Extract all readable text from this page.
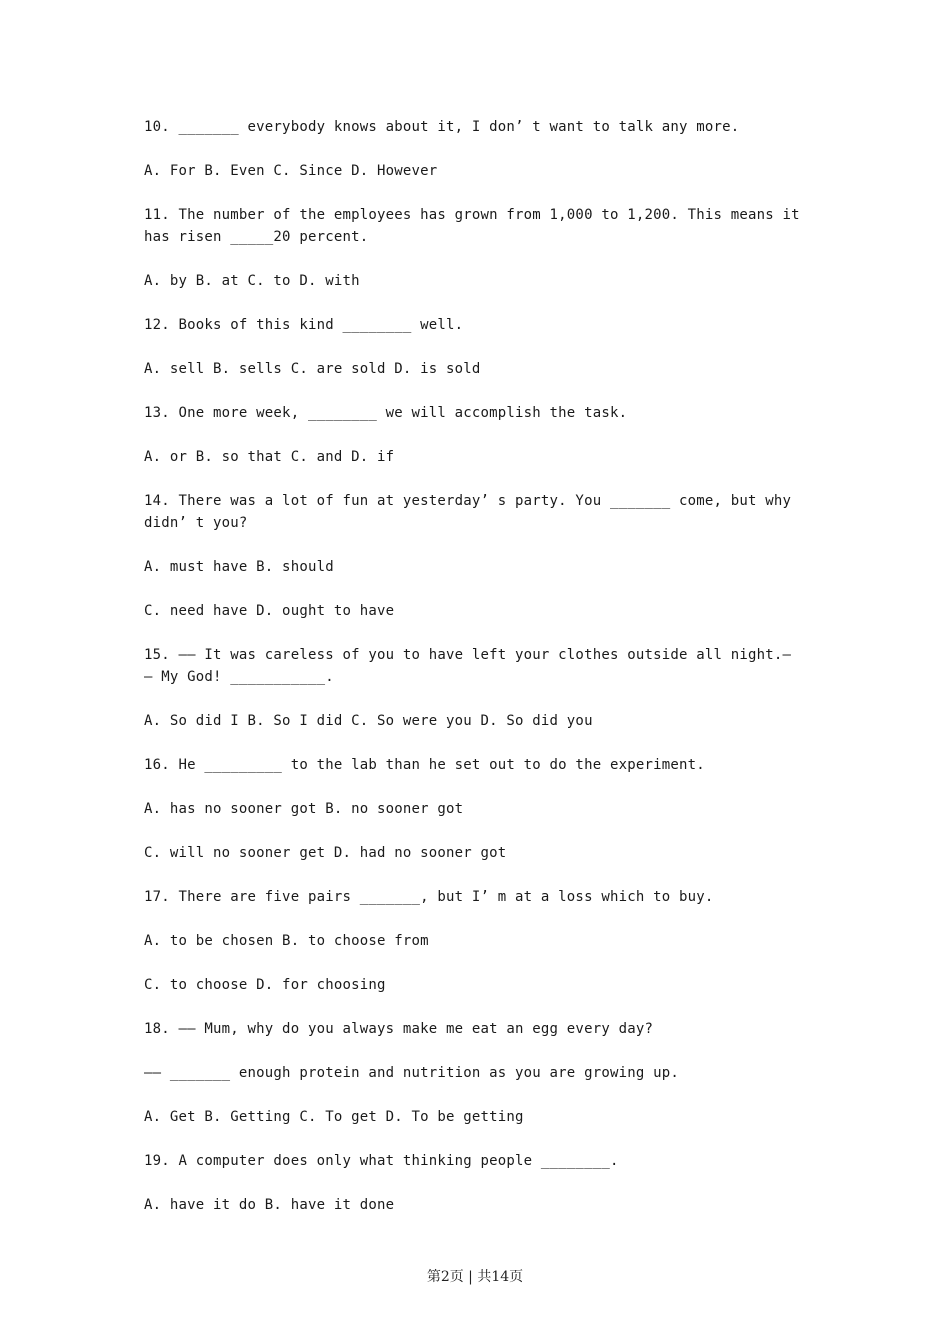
10. _______ everybody knows about it, I don’ t want to talk any more.
A. For B. Even C. Since D. However
11. The number of the employees has grown from 1,000 to 1,200. This means it
has risen _____20 percent.
A. by B. at C. to D. with
12. Books of this kind ________ well.
A. sell B. sells C. are sold D. is sold
13. One more week, ________ we will accomplish the task.
A. or B. so that C. and D. if
14. There was a lot of fun at yesterday’ s party. You _______ come, but why
didn’ t you?
A. must have B. should
C. need have D. ought to have
15. —— It was careless of you to have left your clothes outside all night.—
— My God! ___________.
A. So did I B. So I did C. So were you D. So did you
16. He _________ to the lab than he set out to do the experiment.
A. has no sooner got B. no sooner got
C. will no sooner get D. had no sooner got
17. There are five pairs _______, but I’ m at a loss which to buy.
A. to be chosen B. to choose from
C. to choose D. for choosing
18. —— Mum, why do you always make me eat an egg every day?
—— _______ enough protein and nutrition as you are growing up.
A. Get B. Getting C. To get D. To be getting
19. A computer does only what thinking people ________.
A. have it do B. have it done
第2页 | 共14页
